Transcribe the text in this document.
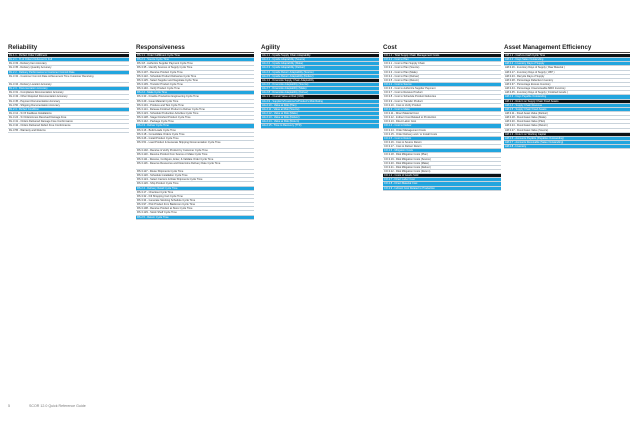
Reliability
RL.1.1 - Perfect Order Fulfillment
RL.2.1 - % of Orders Delivered in Full
RL.3.33 - Delivery Item Accuracy
RL.3.35 - Delivery Quantity Accuracy
RL.2.2 - Delivery Performance to Customer Commit Date
RL.3.32 - Customer Commit Date Achievement Time Customer Receiving
RL.3.34 - Delivery Location Accuracy
RL.2.3 - Documentation Accuracy
RL.3.31 - Compliance Documentation Accuracy
RL.3.43 - Other Required Documentation Accuracy
RL.3.45 - Payment Documentation Accuracy
RL.3.50 - Shipping Documentation Accuracy
RL.2.4 - Perfect Condition
RL.3.12 - % Of Faultless Installations
RL.3.24 - % Orders/Lines Received Damage Free
RL.3.41 - Orders Delivered Damage Free Conformance
RL.3.42 - Orders Delivered Defect Free Conformance
RL.3.55 - Warranty and Returns
Responsiveness
RS.1.1 - Order Fulfillment Cycle Time
RS.2.1 - Source Cycle Time
RS.3.8 - Authorize Supplier Payment Cycle Time
RS.3.35 - Identify Sources of Supply Cycle Time
RS.3.107 - Receive Product Cycle Time
RS.3.122 - Schedule Product Deliveries Cycle Time
RS.3.125 - Select Supplier and Negotiate Cycle Time
RS.3.139 - Transfer Product Cycle Time
RS.3.140 - Verify Product Cycle Time
RS.2.2 - Make Cycle Time
RS.3.33 - Finalize Production Engineering Cycle Time
RS.3.49 - Issue Material Cycle Time
RS.3.101 - Produce and Test Cycle Time
RS.3.114 - Release Finished Product to Deliver Cycle Time
RS.3.123 - Schedule Production Activities Cycle Time
RS.3.128 - Stage Finished Product Cycle Time
RS.3.142 - Package Cycle Time
RS.2.3 - Deliver Cycle Time
RS.3.16 - Build Loads Cycle Time
RS.3.18 - Consolidate Orders Cycle Time
RS.3.46 - Install Product Cycle Time
RS.3.51 - Load Product & Generate Shipping Documentation Cycle Time
RS.3.102 - Receive & Verify Product by Customer Cycle Time
RS.3.110 - Receive Product from Source or Make Cycle Time
RS.3.111 - Receive, Configure, Enter, & Validate Order Cycle Time
RS.3.116 - Reserve Resources and Determine Delivery Date Cycle Time
RS.3.117 - Route Shipments Cycle Time
RS.3.120 - Schedule Installation Cycle Time
RS.3.124 - Select Carriers & Rate Shipments Cycle Time
RS.3.126 - Ship Product Cycle Time
RS.2.4 - Delivery Retail Cycle Time
RS.3.17 - Checkout Cycle Time
RS.3.32 - Fill Shopping Cart Cycle Time
RS.3.34 - Generate Stocking Schedule Cycle Time
RS.3.97 - Pick Product from Backroom Cycle Time
RS.3.108 - Receive Product at Store Cycle Time
RS.3.129 - Stock Shelf Cycle Time
RS.2.5 - Return Cycle Time
Agility
AG.1.1 - Upside Supply Chain Adaptability
AG.2.1 - Upside Adaptability (Source)
AG.2.2 - Upside Adaptability (Make)
AG.2.3 - Upside Adaptability (Deliver)
AG.2.4 - Upside Return Adaptability (Source)
AG.2.5 - Upside Return Adaptability (Deliver)
AG.1.2 - Downside Supply Chain Adaptability
AG.2.6 - Downside Adaptability (Source)
AG.2.7 - Downside Adaptability (Make)
AG.2.8 - Downside Adaptability (Deliver)
AG.1.3 - Overall Value at Risk (VAR)
AG.2.9 - Supplier's/Customer's/Product's Risk Rating
AG.2.10 - Value at Risk (Plan)
AG.2.11 - Value at Risk (Source)
AG.2.12 - Value at Risk (Make)
AG.2.13 - Value at Risk (Deliver)
AG.2.14 - Value at Risk (Return)
AG.2.15 - Time to Recovery (TTR)
Cost
CO.1.1 - Total Supply Chain Management Costs
CO.2.1 - Cost to Plan
CO.3.1 - Cost to Plan Supply Chain
CO.3.2 - Cost to Plan (Source)
CO.3.3 - Cost to Plan (Make)
CO.3.4 - Cost to Plan (Deliver)
CO.3.5 - Cost to Plan (Return)
CO.2.2 - Cost to Source
CO.3.6 - Cost to Authorize Supplier Payment
CO.3.7 - Cost to Receive Product
CO.3.8 - Cost to Schedule Product Deliveries
CO.3.9 - Cost to Transfer Product
CO.3.10 - Cost to Verify Product
CO.2.3 - Cost to Make
CO.3.11 - Direct Material Cost
CO.3.12 - Indirect Cost Related to Production
CO.3.13 - Direct Labor Cost
CO.2.4 - Cost to Deliver
CO.3.14 - Order Management Costs
CO.3.15 - Order Delivery and / or Install Costs
CO.2.5 - Cost to Return
CO.3.16 - Cost to Source Return
CO.3.17 - Cost to Deliver Return
CO.2.6 - Mitigation Costs
CO.3.18 - Risk Mitigation Costs (Plan)
CO.3.19 - Risk Mitigation Costs (Source)
CO.3.20 - Risk Mitigation Costs (Make)
CO.3.21 - Risk Mitigation Costs (Deliver)
CO.3.22 - Risk Mitigation Costs (Return)
CO.1.2 - Costs of Goods Sold
CO.2.7 - Direct Labor Cost
CO.2.8 - Direct Material Cost
CO.2.9 - Indirect Cost Related to Production
Asset Management Efficiency
AM.1.1 - Cash-to-Cash Cycle Time
AM.2.1 - Days Sales Outstanding
AM.2.2 - Inventory Days of Supply
AM.3.16 - Inventory Days of Supply ( Raw Material )
AM.3.17 - Inventory Days of Supply ( WIP )
AM.3.23 - Recycle Days of Supply
AM.3.28 - Percentage Defective Inventory
AM.3.37 - Percentage Excess Inventory
AM.3.44 - Percentage Unserviceable MRO Inventory
AM.3.45 - Inventory Days of Supply ( Finished Goods )
AM.2.3 - Days Payable Outstanding
AM.1.2 - Return on Supply Chain Fixed Assets
AM.2.4 - Supply Chain Revenue
AM.2.5 - Supply Chain Fixed Assets
AM.3.11 - Fixed Asset Value (Deliver)
AM.3.18 - Fixed Asset Value (Make)
AM.3.20 - Fixed Asset Value (Plan)
AM.3.24 - Fixed Asset Value (Return)
AM.3.27 - Fixed Asset Value (Source)
AM.1.3 - Return on Working Capital
AM.2.6 - Accounts Payable (Payables Outstanding)
AM.2.7 - Accounts Receivable (Sales Outstanding)
AM.2.8 - Inventory
5	SCOR 12.0 Quick Reference Guide
